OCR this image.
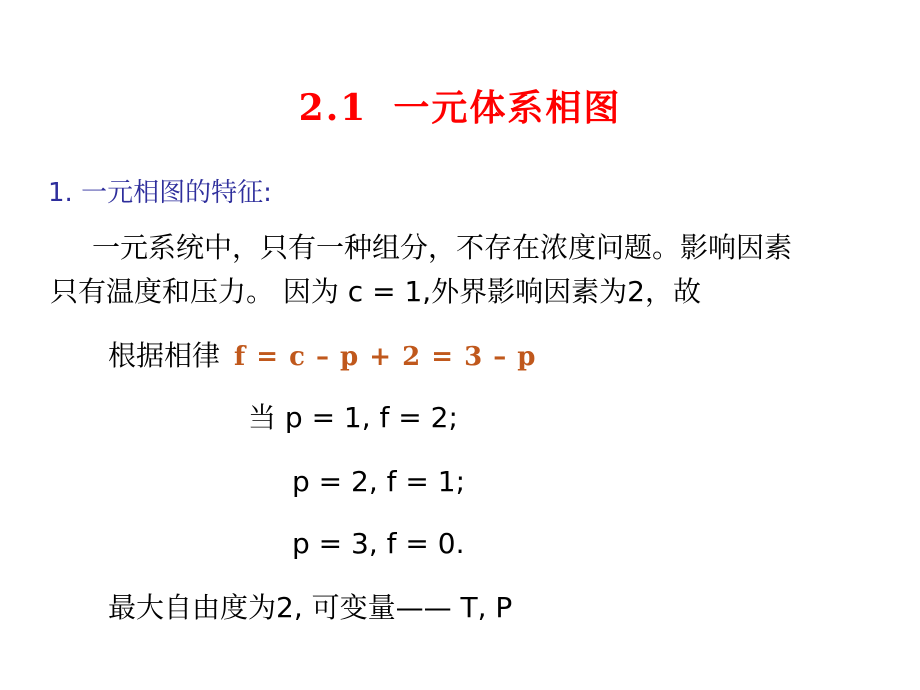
2.1 一元体系相图
1. 一元相图的特征:
一元系统中，只有一种组分，不存在浓度问题。影响因素
只有温度和压力。 因为 c = 1,外界影响因素为2，故
根据相律 f = c – p + 2 = 3 – p
当 p = 1, f = 2;
p = 2, f = 1;
p = 3, f = 0.
最大自由度为2, 可变量—— T, P
